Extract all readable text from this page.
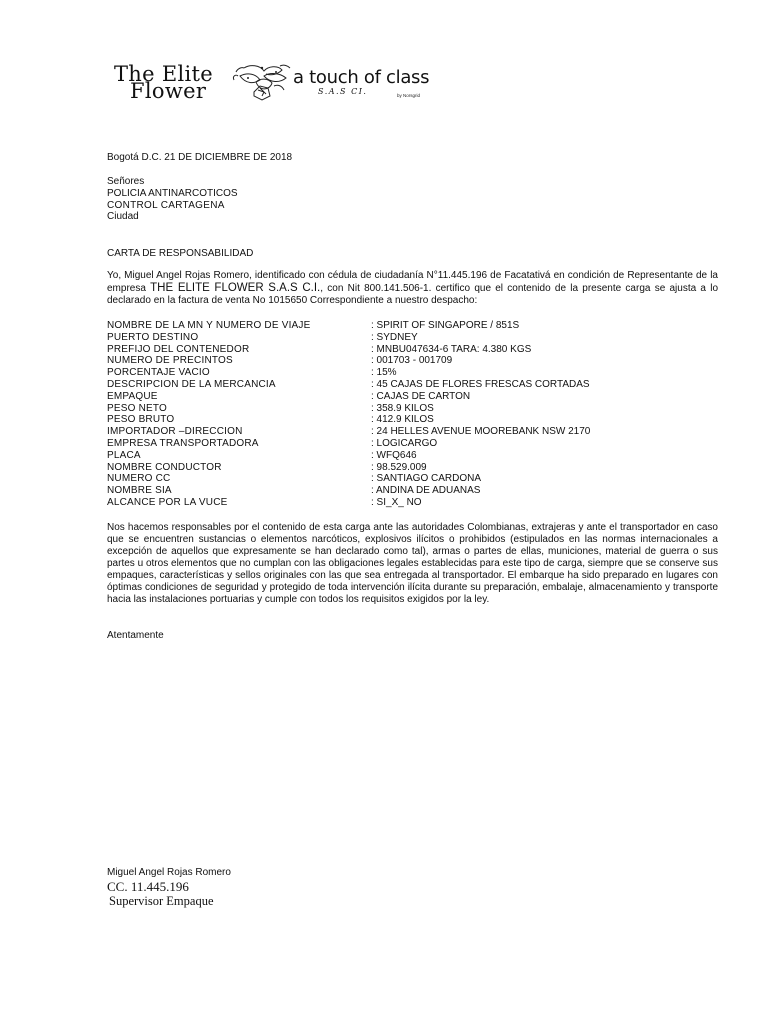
The Elite
Flower
a touch of class
S.A.S CI.	by Norsgrid
Bogotá D.C. 21 DE DICIEMBRE DE 2018
Señores
POLICIA ANTINARCOTICOS
CONTROL CARTAGENA
Ciudad
CARTA DE RESPONSABILIDAD
Yo, Miguel Angel Rojas Romero, identificado con cédula de ciudadanía N°11.445.196 de Facatativá en condición de Representante de la empresa THE ELITE FLOWER S.A.S C.I., con Nit 800.141.506-1. certifico que el contenido de la presente carga se ajusta a lo declarado en la factura de venta No 1015650 Correspondiente a nuestro despacho:
NOMBRE DE LA MN Y NUMERO DE VIAJE	: SPIRIT OF SINGAPORE / 851S
PUERTO DESTINO	: SYDNEY
PREFIJO DEL CONTENEDOR	: MNBU047634-6 TARA: 4.380 KGS
NUMERO DE PRECINTOS	: 001703 - 001709
PORCENTAJE VACIO	: 15%
DESCRIPCION DE LA MERCANCIA	: 45 CAJAS DE FLORES FRESCAS CORTADAS
EMPAQUE	: CAJAS DE CARTON
PESO NETO	: 358.9 KILOS
PESO BRUTO	: 412.9 KILOS
IMPORTADOR –DIRECCION	: 24 HELLES AVENUE MOOREBANK NSW 2170
EMPRESA TRANSPORTADORA	: LOGICARGO
PLACA	: WFQ646
NOMBRE CONDUCTOR	: 98.529.009
NUMERO CC	: SANTIAGO CARDONA
NOMBRE SIA	: ANDINA DE ADUANAS
ALCANCE POR LA VUCE	: SI_X_ NO
Nos hacemos responsables por el contenido de esta carga ante las autoridades Colombianas, extrajeras y ante el transportador en caso que se encuentren sustancias o elementos narcóticos, explosivos ilícitos o prohibidos (estipulados en las normas internacionales a excepción de aquellos que expresamente se han declarado como tal), armas o partes de ellas, municiones, material de guerra o sus partes u otros elementos que no cumplan con las obligaciones legales establecidas para este tipo de carga, siempre que se conserve sus empaques, características y sellos originales con las que sea entregada al transportador. El embarque ha sido preparado en lugares con óptimas condiciones de seguridad y protegido de toda intervención ilícita durante su preparación, embalaje, almacenamiento y transporte hacia las instalaciones portuarias y cumple con todos los requisitos exigidos por la ley.
Atentamente
Miguel Angel Rojas Romero
CC. 11.445.196
Supervisor Empaque
